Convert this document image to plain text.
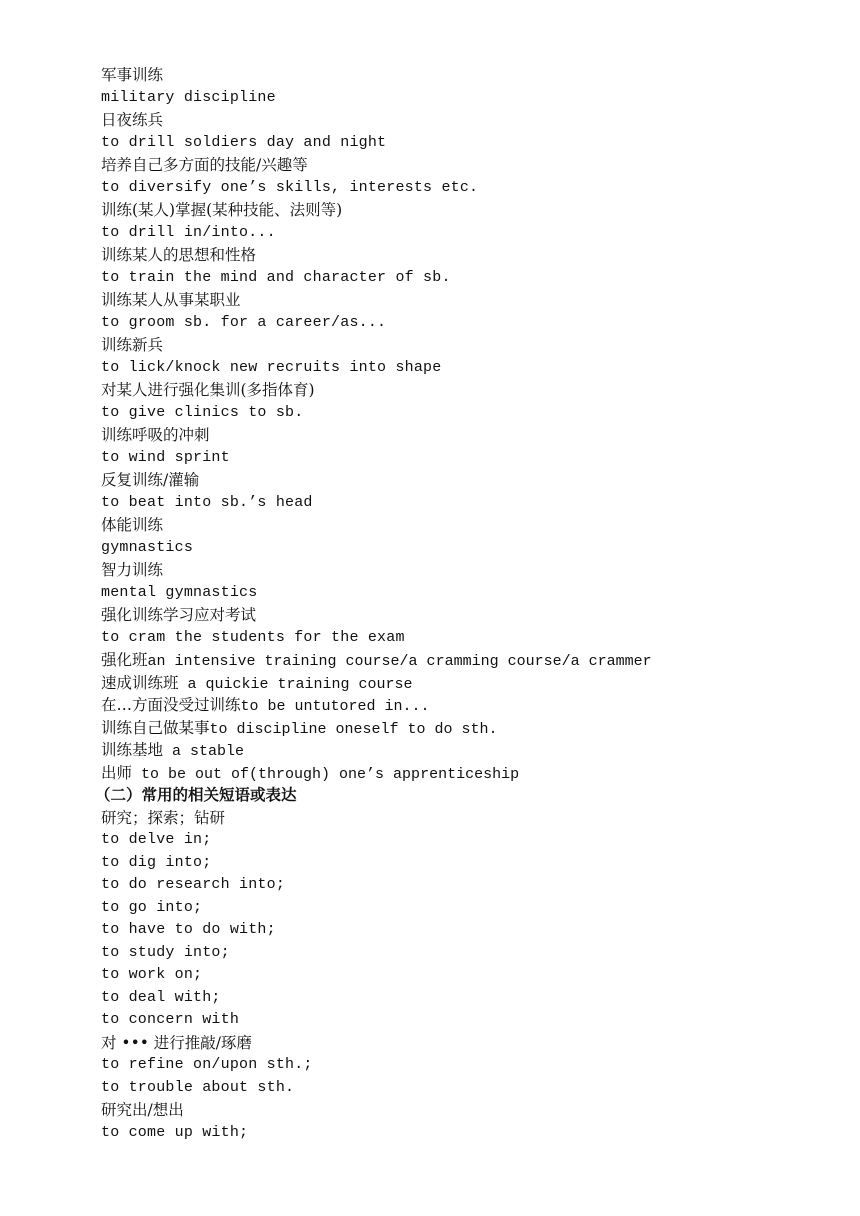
军事训练
military discipline
日夜练兵
to drill soldiers day and night
培养自己多方面的技能/兴趣等
to diversify one’s skills, interests etc.
训练(某人)掌握(某种技能、法则等)
to drill in/into...
训练某人的思想和性格
to train the mind and character of sb.
训练某人从事某职业
to groom sb. for a career/as...
训练新兵
to lick/knock new recruits into shape
对某人进行强化集训(多指体育)
to give clinics to sb.
训练呼吸的冲刺
to wind sprint
反复训练/灌输
to beat into sb.’s head
体能训练
gymnastics
智力训练
mental gymnastics
强化训练学习应对考试
to cram the students for the exam
强化班an intensive training course/a cramming course/a crammer
速成训练班 a quickie training course
在…方面没受过训练to be untutored in...
训练自己做某事to discipline oneself to do sth.
训练基地 a stable
出师 to be out of(through) one’s apprenticeship
（二）常用的相关短语或表达
研究；探索；钻研
to delve in;
to dig into;
to do research into;
to go into;
to have to do with;
to study into;
to work on;
to deal with;
to concern with
对 ••• 进行推敲/琢磨
to refine on/upon sth.;
to trouble about sth.
研究出/想出
to come up with;
